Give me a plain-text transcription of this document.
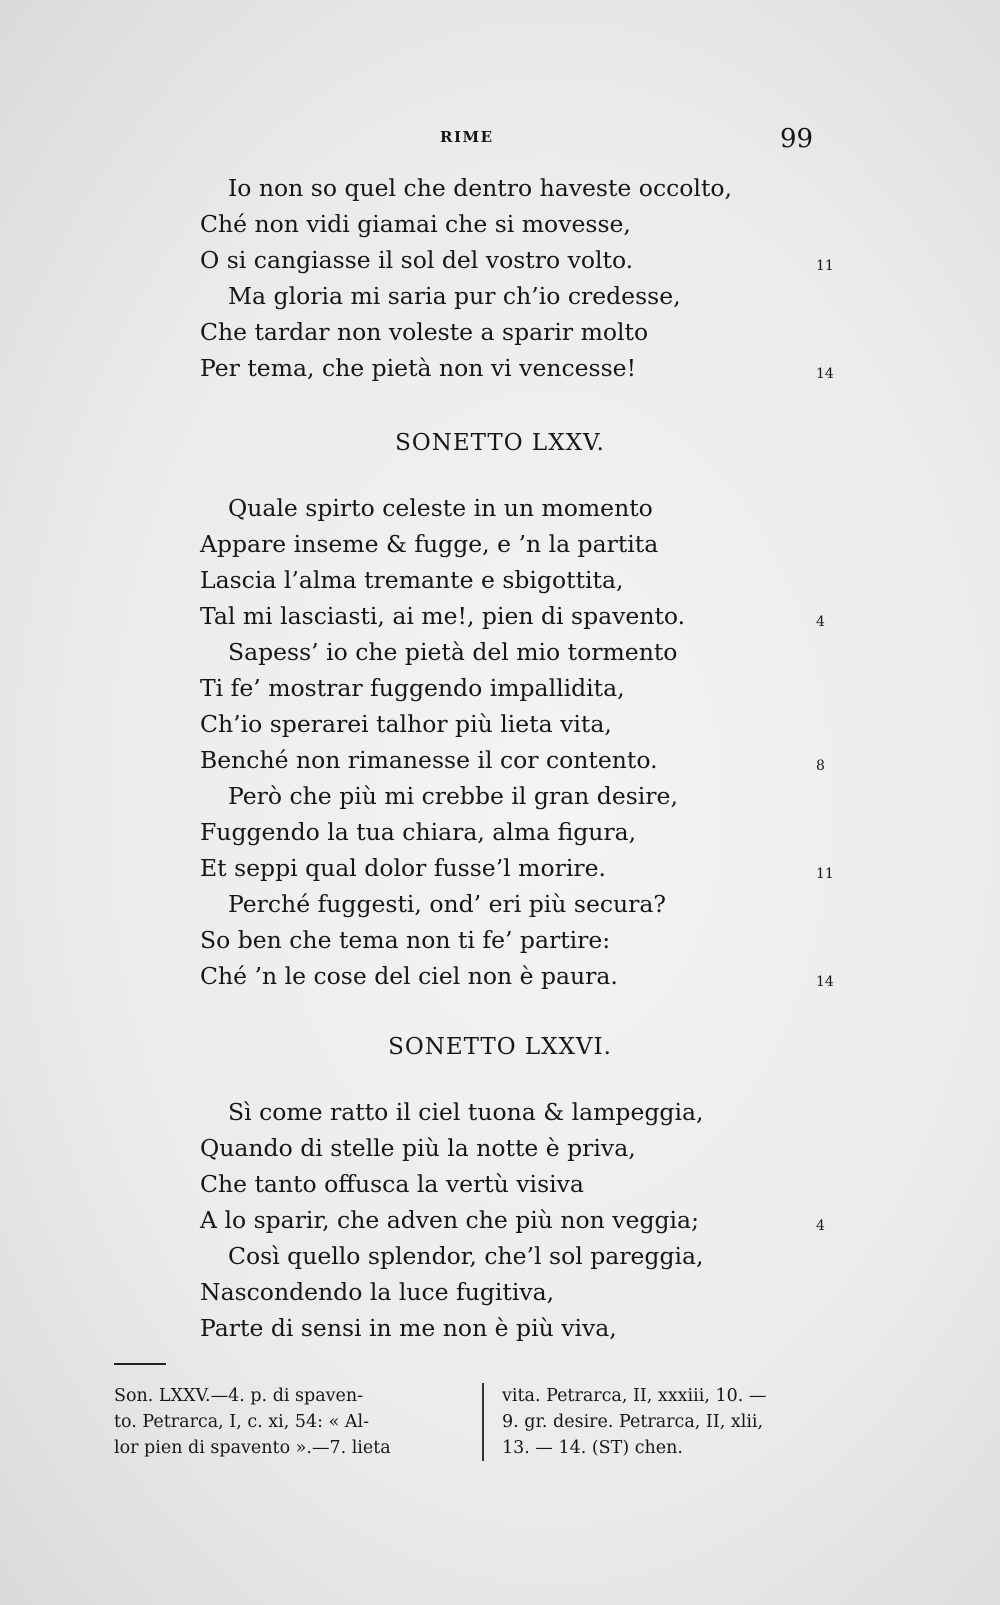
RIME	99
Io non so quel che dentro haveste occolto,
Ché non vidi giamai che si movesse,
O si cangiasse il sol del vostro volto.	11
Ma gloria mi saria pur ch’io credesse,
Che tardar non voleste a sparir molto
Per tema, che pietà non vi vencesse!	14
SONETTO LXXV.
Quale spirto celeste in un momento
Appare inseme & fugge, e ’n la partita
Lascia l’alma tremante e sbigottita,
Tal mi lasciasti, ai me!, pien di spavento.	4
Sapess’ io che pietà del mio tormento
Ti fe’ mostrar fuggendo impallidita,
Ch’io sperarei talhor più lieta vita,
Benché non rimanesse il cor contento.	8
Però che più mi crebbe il gran desire,
Fuggendo la tua chiara, alma figura,
Et seppi qual dolor fusse’l morire.	11
Perché fuggesti, ond’ eri più secura?
So ben che tema non ti fe’ partire:
Ché ’n le cose del ciel non è paura.	14
SONETTO LXXVI.
Sì come ratto il ciel tuona & lampeggia,
Quando di stelle più la notte è priva,
Che tanto offusca la vertù visiva
A lo sparir, che adven che più non veggia;	4
Così quello splendor, che’l sol pareggia,
Nascondendo la luce fugitiva,
Parte di sensi in me non è più viva,
Son. LXXV.—4. p. di spaven-
to. Petrarca, I, c. xi, 54: « Al-
lor pien di spavento ».—7. lieta
vita. Petrarca, II, xxxiii, 10. —
9. gr. desire. Petrarca, II, xlii,
13. — 14. (ST) chen.
